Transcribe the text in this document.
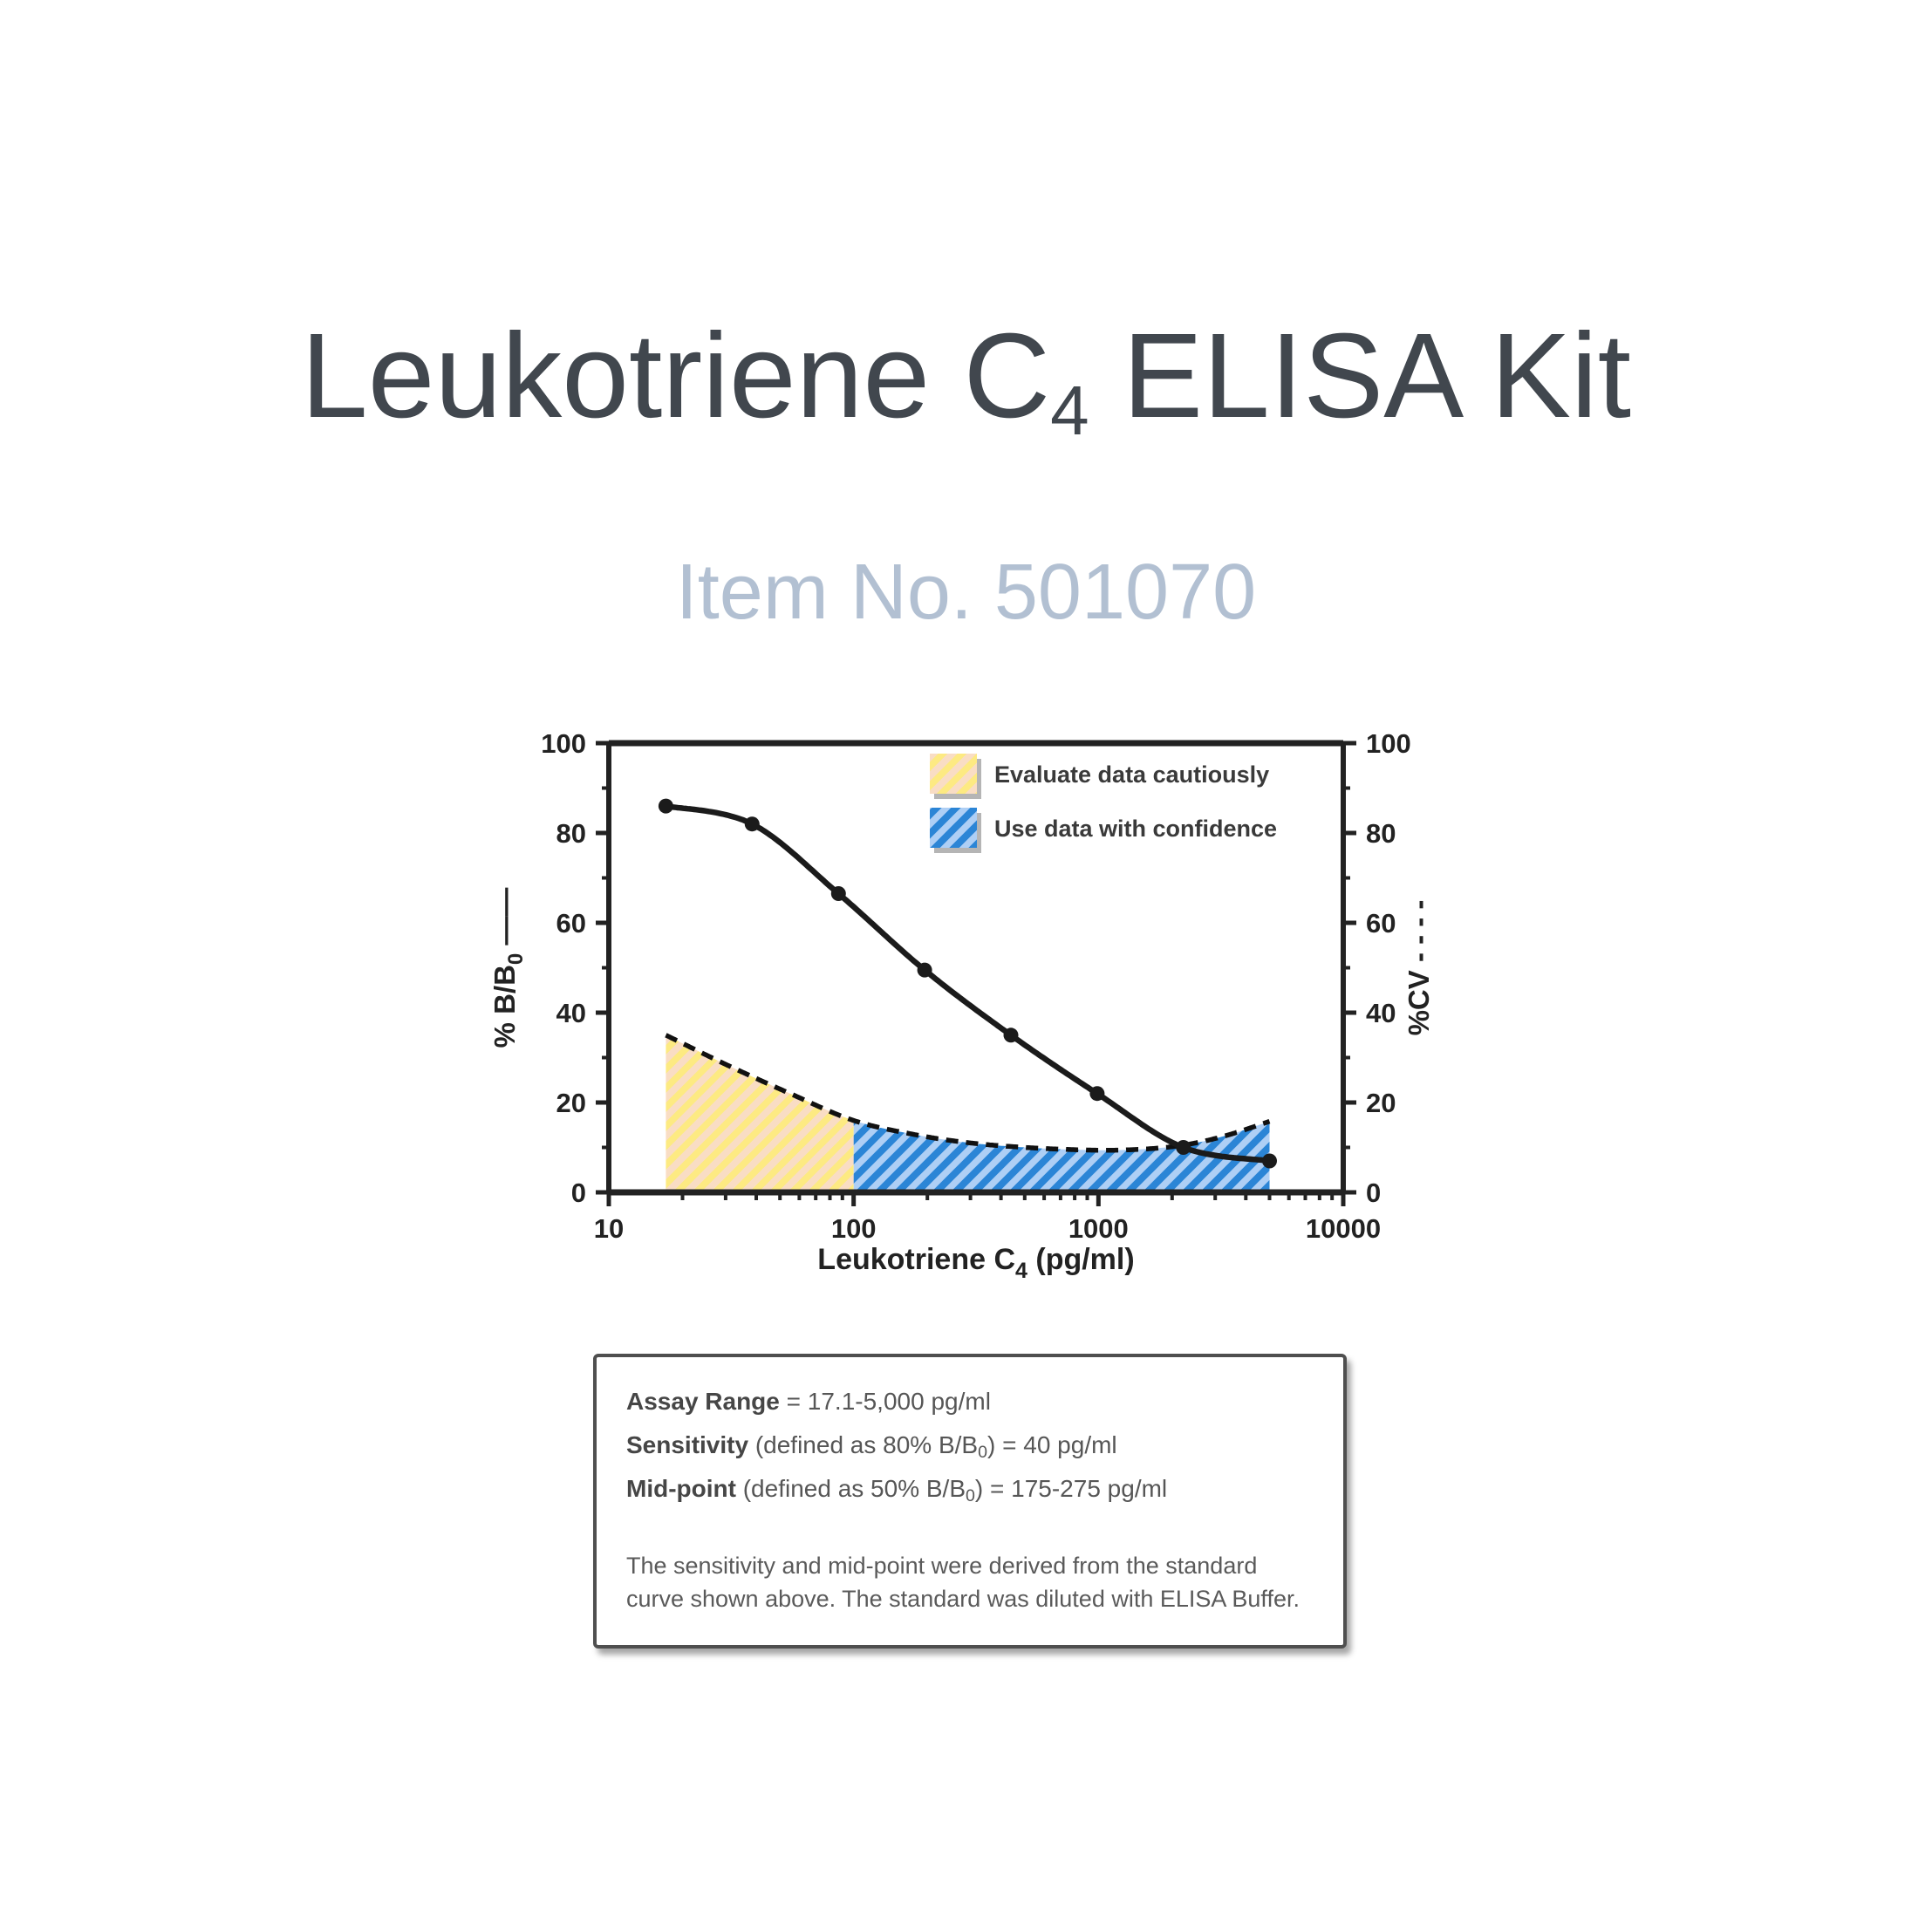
Leukotriene $C_4$ ELISA Kit
Item No. 501070
0	0
20	20
40	40
60	60
80	80
100	100
10	100	1000	10000
% $B/B_0$ ——
%CV - - - -
Leukotriene $C_4$ (pg/ml)
Evaluate data cautiously
Use data with confidence
Assay Range = 17.1-5,000 pg/ml
Sensitivity (defined as 80% $B/B_0) = 40$ pg/ml
Mid-point (defined as 50% $B/B_0) = 175-275$ pg/ml
The sensitivity and mid-point were derived from the standard curve shown above. The standard was diluted with ELISA Buffer.
